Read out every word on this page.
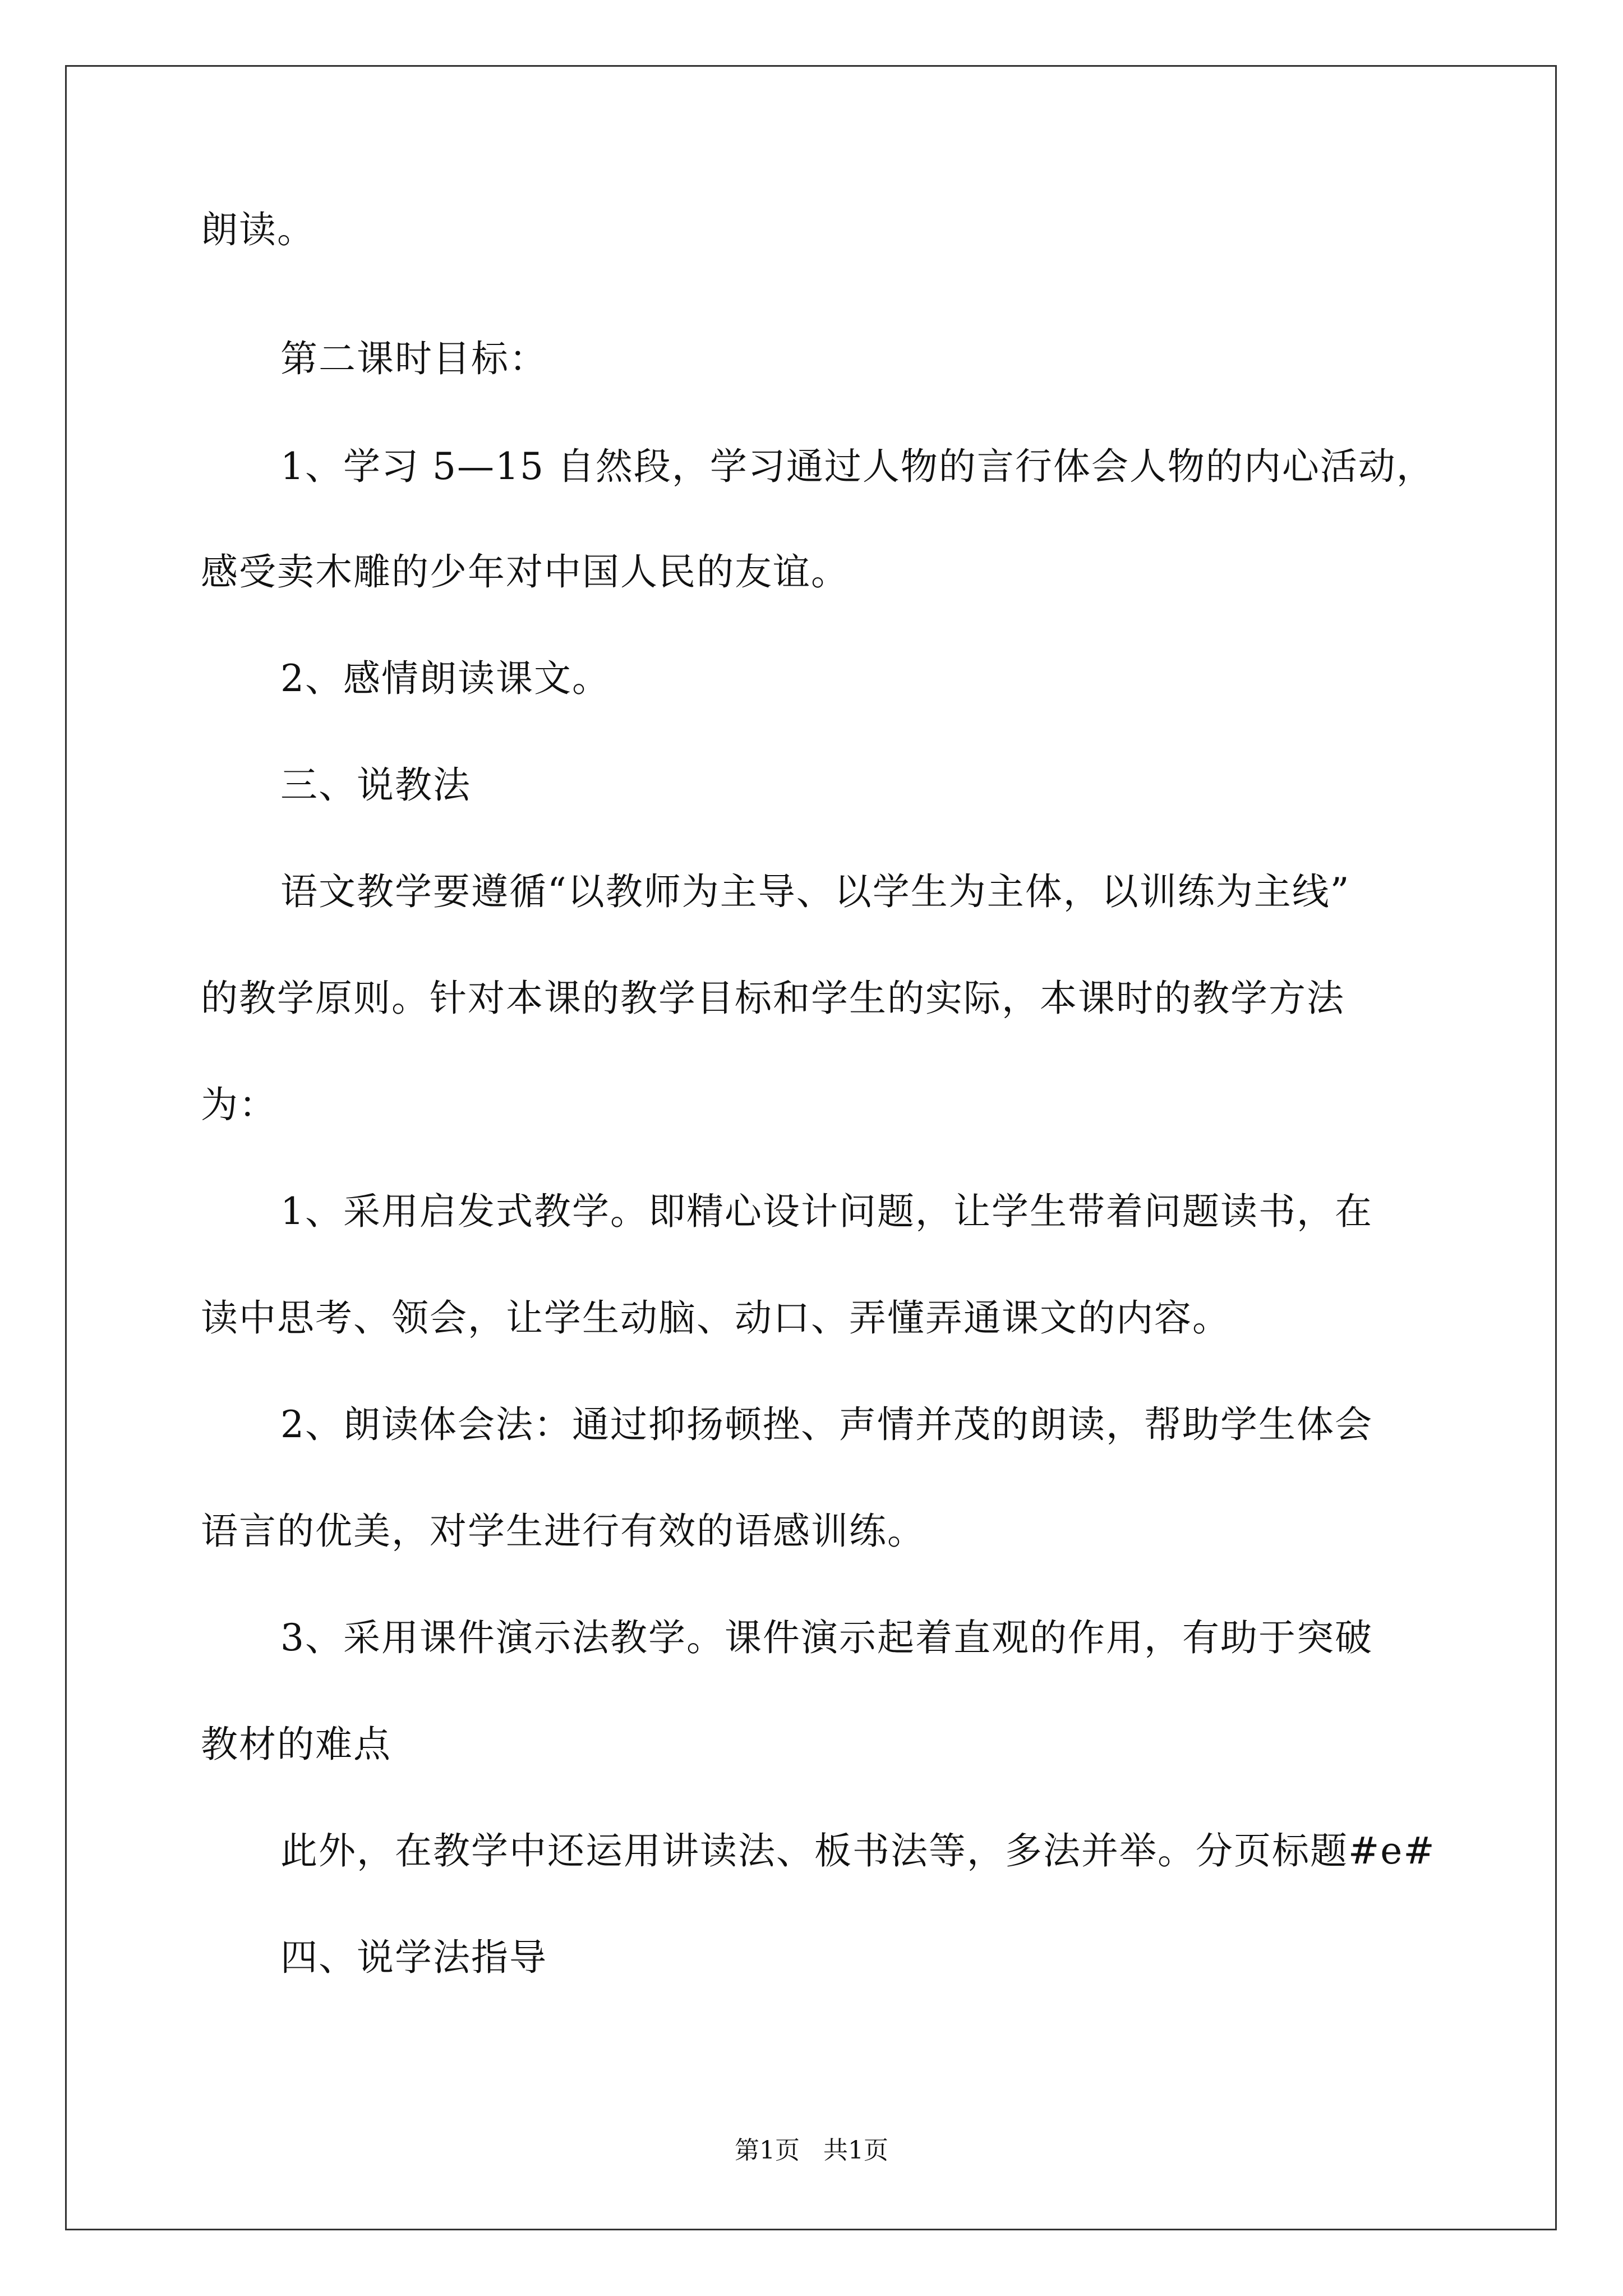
朗读。

第二课时目标：

1、学习 5—15 自然段，学习通过人物的言行体会人物的内心活动，

感受卖木雕的少年对中国人民的友谊。

2、感情朗读课文。

三、说教法

语文教学要遵循“以教师为主导、以学生为主体，以训练为主线”

的教学原则。针对本课的教学目标和学生的实际，本课时的教学方法

为：

1、采用启发式教学。即精心设计问题，让学生带着问题读书，在

读中思考、领会，让学生动脑、动口、弄懂弄通课文的内容。

2、朗读体会法：通过抑扬顿挫、声情并茂的朗读，帮助学生体会

语言的优美，对学生进行有效的语感训练。

3、采用课件演示法教学。课件演示起着直观的作用，有助于突破

教材的难点

此外，在教学中还运用讲读法、板书法等，多法并举。分页标题#e#

四、说学法指导

第1页 共1页
